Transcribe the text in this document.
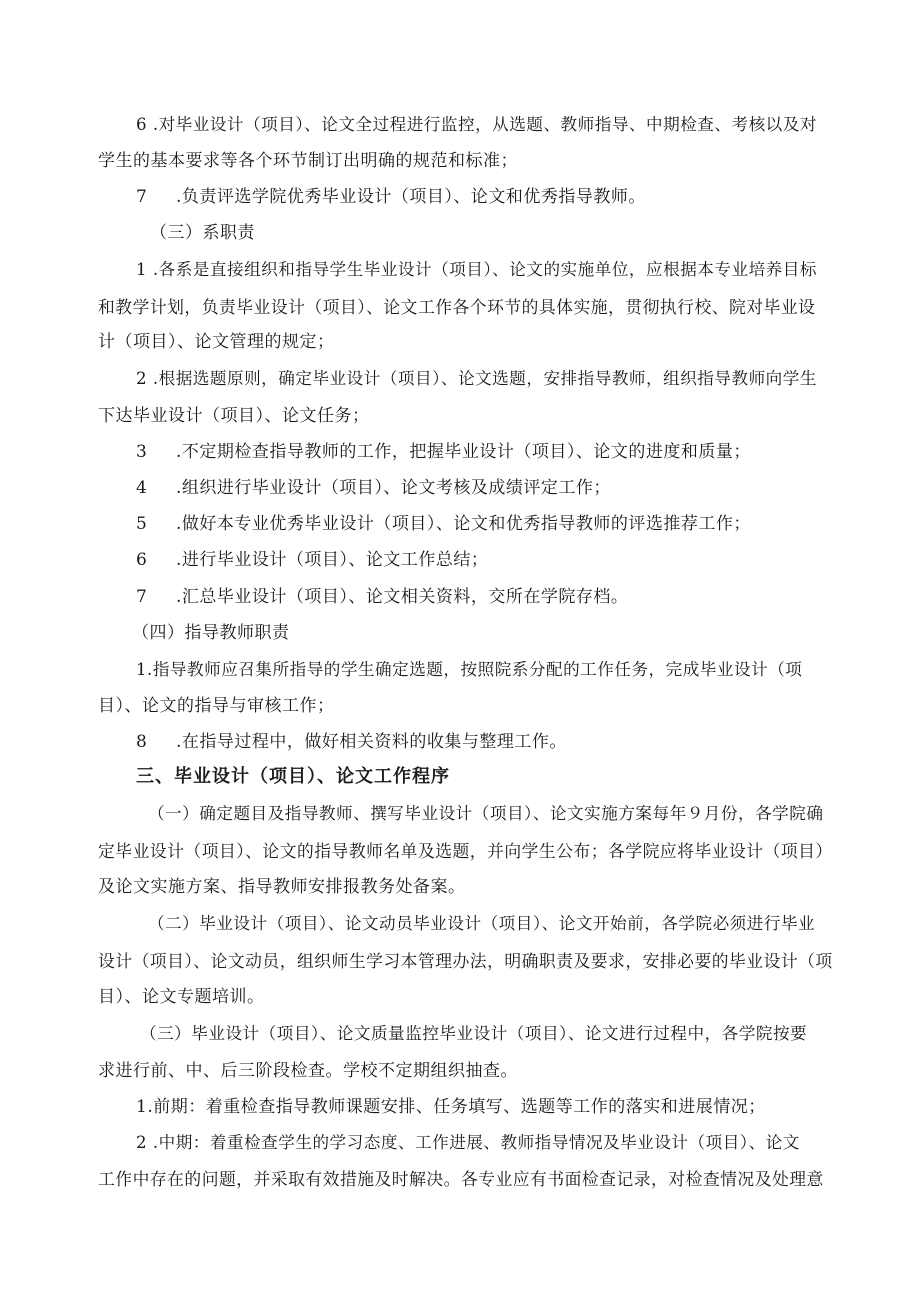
6 .对毕业设计（项目）、论文全过程进行监控，从选题、教师指导、中期检查、考核以及对
学生的基本要求等各个环节制订出明确的规范和标准；
7 .负责评选学院优秀毕业设计（项目）、论文和优秀指导教师。
（三）系职责
1 .各系是直接组织和指导学生毕业设计（项目）、论文的实施单位，应根据本专业培养目标
和教学计划，负责毕业设计（项目）、论文工作各个环节的具体实施，贯彻执行校、院对毕业设
计（项目）、论文管理的规定；
2 .根据选题原则，确定毕业设计（项目）、论文选题，安排指导教师，组织指导教师向学生
下达毕业设计（项目）、论文任务；
3 .不定期检查指导教师的工作，把握毕业设计（项目）、论文的进度和质量；
4 .组织进行毕业设计（项目）、论文考核及成绩评定工作；
5 .做好本专业优秀毕业设计（项目）、论文和优秀指导教师的评选推荐工作；
6 .进行毕业设计（项目）、论文工作总结；
7 .汇总毕业设计（项目）、论文相关资料，交所在学院存档。
（四）指导教师职责
1.指导教师应召集所指导的学生确定选题，按照院系分配的工作任务，完成毕业设计（项
目）、论文的指导与审核工作；
8 .在指导过程中，做好相关资料的收集与整理工作。
三、毕业设计（项目）、论文工作程序
（一）确定题目及指导教师、撰写毕业设计（项目）、论文实施方案每年９月份，各学院确
定毕业设计（项目）、论文的指导教师名单及选题，并向学生公布；各学院应将毕业设计（项目）
及论文实施方案、指导教师安排报教务处备案。
（二）毕业设计（项目）、论文动员毕业设计（项目）、论文开始前，各学院必须进行毕业
设计（项目）、论文动员，组织师生学习本管理办法，明确职责及要求，安排必要的毕业设计（项
目）、论文专题培训。
（三）毕业设计（项目）、论文质量监控毕业设计（项目）、论文进行过程中，各学院按要
求进行前、中、后三阶段检查。学校不定期组织抽查。
1.前期：着重检查指导教师课题安排、任务填写、选题等工作的落实和进展情况；
2 .中期：着重检查学生的学习态度、工作进展、教师指导情况及毕业设计（项目）、论文
工作中存在的问题，并采取有效措施及时解决。各专业应有书面检查记录，对检查情况及处理意
